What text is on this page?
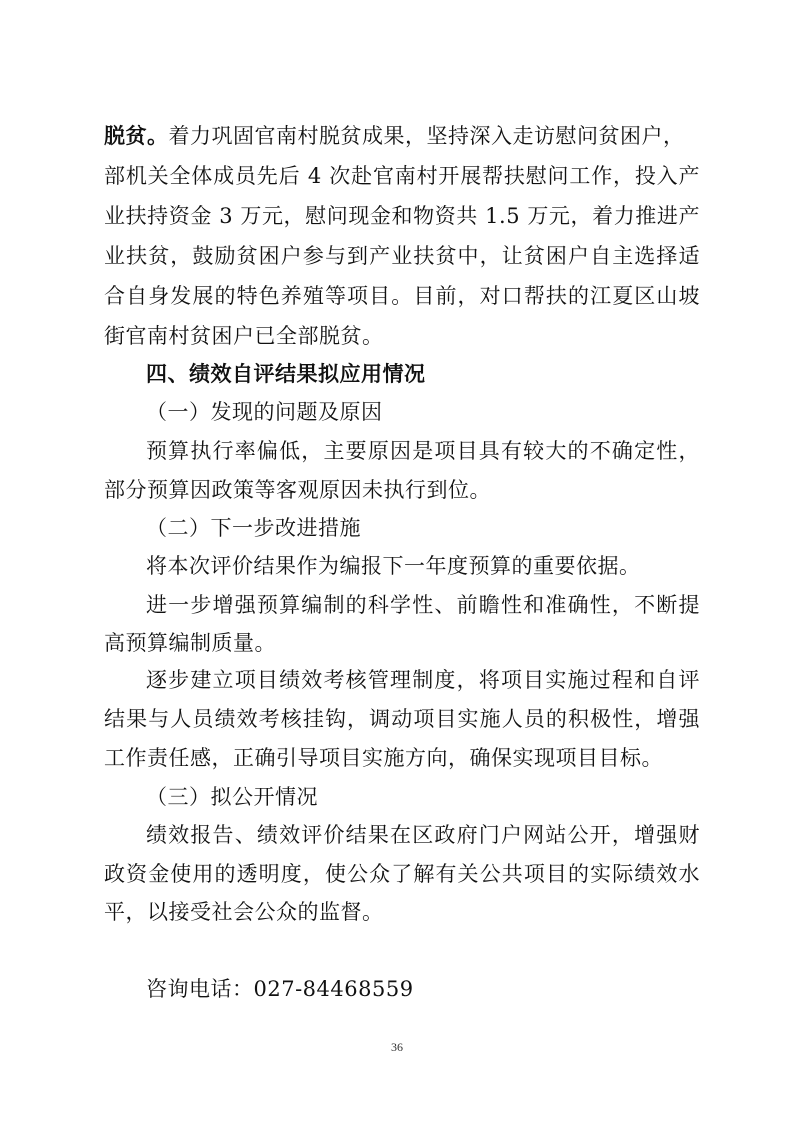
脱贫。着力巩固官南村脱贫成果，坚持深入走访慰问贫困户，
部机关全体成员先后 4 次赴官南村开展帮扶慰问工作，投入产
业扶持资金 3 万元，慰问现金和物资共 1.5 万元，着力推进产
业扶贫，鼓励贫困户参与到产业扶贫中，让贫困户自主选择适
合自身发展的特色养殖等项目。目前，对口帮扶的江夏区山坡
街官南村贫困户已全部脱贫。
四、绩效自评结果拟应用情况
（一）发现的问题及原因
预算执行率偏低，主要原因是项目具有较大的不确定性，
部分预算因政策等客观原因未执行到位。
（二）下一步改进措施
将本次评价结果作为编报下一年度预算的重要依据。
进一步增强预算编制的科学性、前瞻性和准确性，不断提
高预算编制质量。
逐步建立项目绩效考核管理制度，将项目实施过程和自评
结果与人员绩效考核挂钩，调动项目实施人员的积极性，增强
工作责任感，正确引导项目实施方向，确保实现项目目标。
（三）拟公开情况
绩效报告、绩效评价结果在区政府门户网站公开，增强财
政资金使用的透明度，使公众了解有关公共项目的实际绩效水
平，以接受社会公众的监督。
咨询电话：027-84468559
36
